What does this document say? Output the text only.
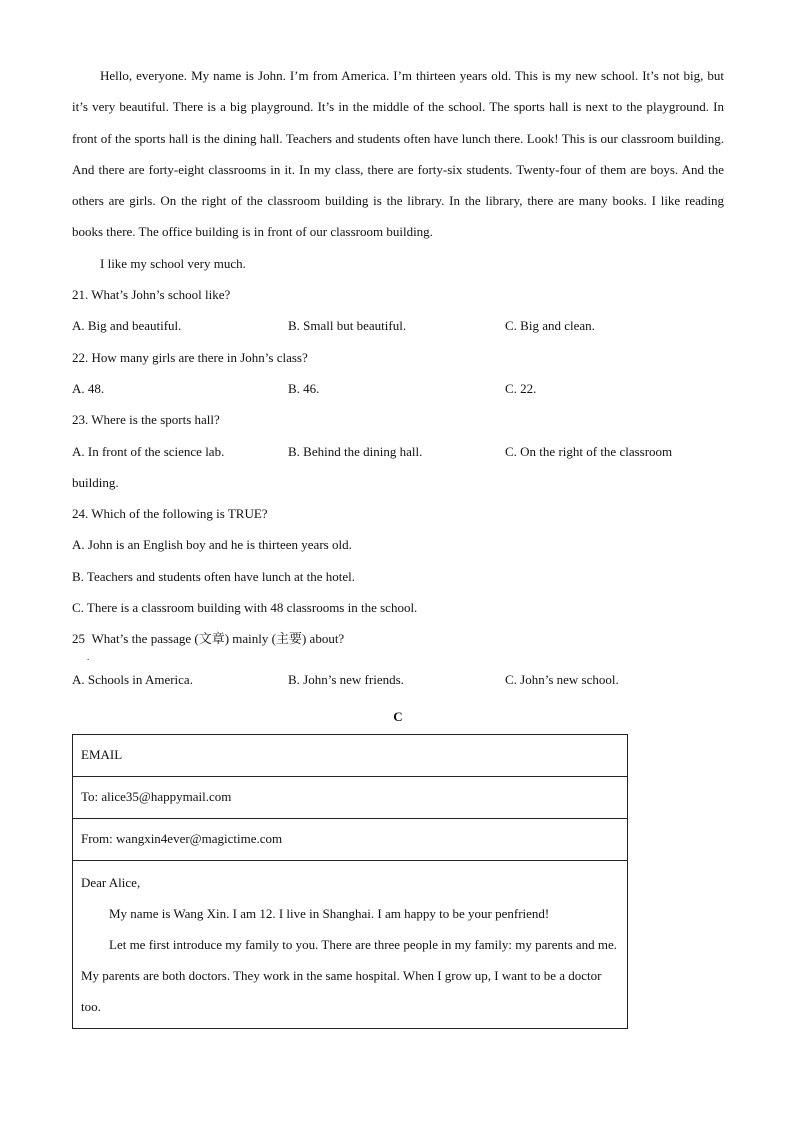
Hello, everyone. My name is John. I’m from America. I’m thirteen years old. This is my new school. It’s not big, but it’s very beautiful. There is a big playground. It’s in the middle of the school. The sports hall is next to the playground. In front of the sports hall is the dining hall. Teachers and students often have lunch there. Look! This is our classroom building. And there are forty-eight classrooms in it. In my class, there are forty-six students. Twenty-four of them are boys. And the others are girls. On the right of the classroom building is the library. In the library, there are many books. I like reading books there. The office building is in front of our classroom building.

I like my school very much.

21. What’s John’s school like?
A. Big and beautiful.	B. Small but beautiful.	C. Big and clean.
22. How many girls are there in John’s class?
A. 48.	B. 46.	C. 22.
23. Where is the sports hall?
A. In front of the science lab.	B. Behind the dining hall.	C. On the right of the classroom
building.
24. Which of the following is TRUE?
A. John is an English boy and he is thirteen years old.
B. Teachers and students often have lunch at the hotel.
C. There is a classroom building with 48 classrooms in the school.
25
.
What’s the passage (文章) mainly (主要) about?
A. Schools in America.	B. John’s new friends.	C. John’s new school.
C
EMAIL
To: alice35@happymail.com
From: wangxin4ever@magictime.com

Dear Alice,

My name is Wang Xin. I am 12. I live in Shanghai. I am happy to be your penfriend!

Let me first introduce my family to you. There are three people in my family: my parents and me. My parents are both doctors. They work in the same hospital. When I grow up, I want to be a doctor too.
